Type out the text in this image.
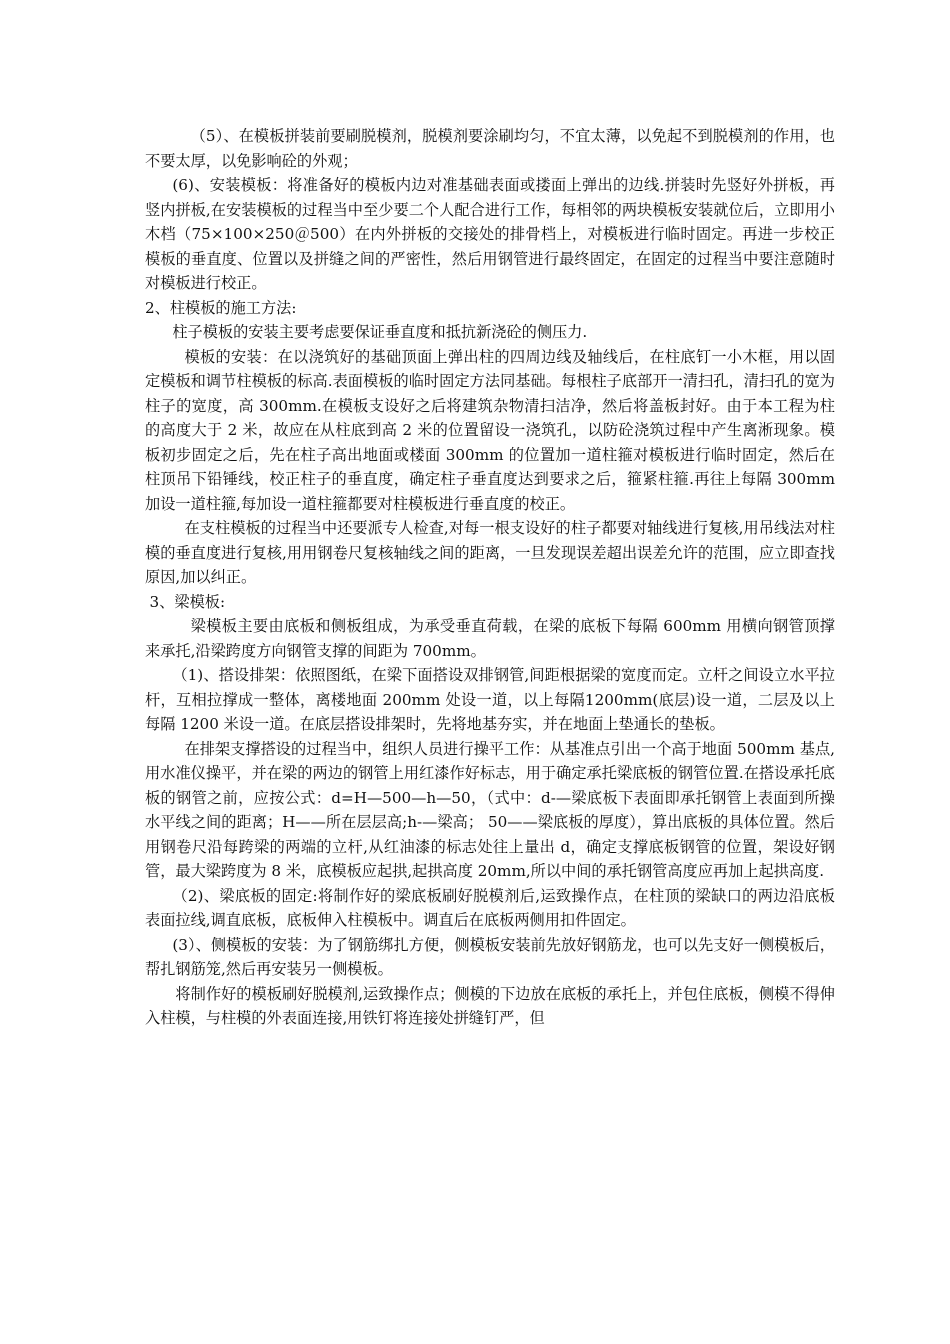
（5）、在模板拼装前要刷脱模剂，脱模剂要涂刷均匀，不宜太薄，以免起不到脱模剂的作用，也不要太厚，以免影响砼的外观；

(6)、安装模板：将准备好的模板内边对准基础表面或搂面上弹出的边线.拼装时先竖好外拼板，再竖内拼板,在安装模板的过程当中至少要二个人配合进行工作，每相邻的两块模板安装就位后，立即用小木档（75×100×250＠500）在内外拼板的交接处的排骨档上，对模板进行临时固定。再进一步校正模板的垂直度、位置以及拼缝之间的严密性，然后用钢管进行最终固定，在固定的过程当中要注意随时对模板进行校正。

2、柱模板的施工方法:

柱子模板的安装主要考虑要保证垂直度和抵抗新浇砼的侧压力.

模板的安装：在以浇筑好的基础顶面上弹出柱的四周边线及轴线后，在柱底钉一小木框，用以固定模板和调节柱模板的标高.表面模板的临时固定方法同基础。每根柱子底部开一清扫孔，清扫孔的宽为柱子的宽度，高 300mm.在模板支设好之后将建筑杂物清扫洁净，然后将盖板封好。由于本工程为柱的高度大于 2 米，故应在从柱底到高 2 米的位置留设一浇筑孔，以防砼浇筑过程中产生离淅现象。模板初步固定之后，先在柱子高出地面或楼面 300mm 的位置加一道柱箍对模板进行临时固定，然后在柱顶吊下铅锤线，校正柱子的垂直度，确定柱子垂直度达到要求之后，箍紧柱箍.再往上每隔 300mm 加设一道柱箍,每加设一道柱箍都要对柱模板进行垂直度的校正。

在支柱模板的过程当中还要派专人检查,对每一根支设好的柱子都要对轴线进行复核,用吊线法对柱模的垂直度进行复核,用用钢卷尺复核轴线之间的距离，一旦发现误差超出误差允许的范围，应立即查找原因,加以纠正。

3、梁模板:

梁模板主要由底板和侧板组成，为承受垂直荷载，在梁的底板下每隔 600mm 用横向钢管顶撑来承托,沿梁跨度方向钢管支撑的间距为 700mm。

（1)、搭设排架：依照图纸，在梁下面搭设双排钢管,间距根据梁的宽度而定。立杆之间设立水平拉杆，互相拉撑成一整体，离楼地面 200mm 处设一道，以上每隔1200mm(底层)设一道，二层及以上每隔 1200 米设一道。在底层搭设排架时，先将地基夯实，并在地面上垫通长的垫板。

在排架支撑搭设的过程当中，组织人员进行操平工作：从基准点引出一个高于地面 500mm 基点,用水准仪操平，并在梁的两边的钢管上用红漆作好标志，用于确定承托梁底板的钢管位置.在搭设承托底板的钢管之前，应按公式：d=H—500—h—50，（式中：d-—梁底板下表面即承托钢管上表面到所操水平线之间的距离；H——所在层层高;h-—梁高； 50——梁底板的厚度），算出底板的具体位置。然后用钢卷尺沿每跨梁的两端的立杆,从红油漆的标志处往上量出 d，确定支撑底板钢管的位置，架设好钢管，最大梁跨度为 8 米，底模板应起拱,起拱高度 20mm,所以中间的承托钢管高度应再加上起拱高度.

（2)、梁底板的固定:将制作好的梁底板刷好脱模剂后,运致操作点，在柱顶的梁缺口的两边沿底板表面拉线,调直底板，底板伸入柱模板中。调直后在底板两侧用扣件固定。

(3）、侧模板的安装：为了钢筋绑扎方便，侧模板安装前先放好钢筋龙，也可以先支好一侧模板后，帮扎钢筋笼,然后再安装另一侧模板。

将制作好的模板刷好脱模剂,运致操作点；侧模的下边放在底板的承托上，并包住底板，侧模不得伸入柱模，与柱模的外表面连接,用铁钉将连接处拼缝钉严，但
